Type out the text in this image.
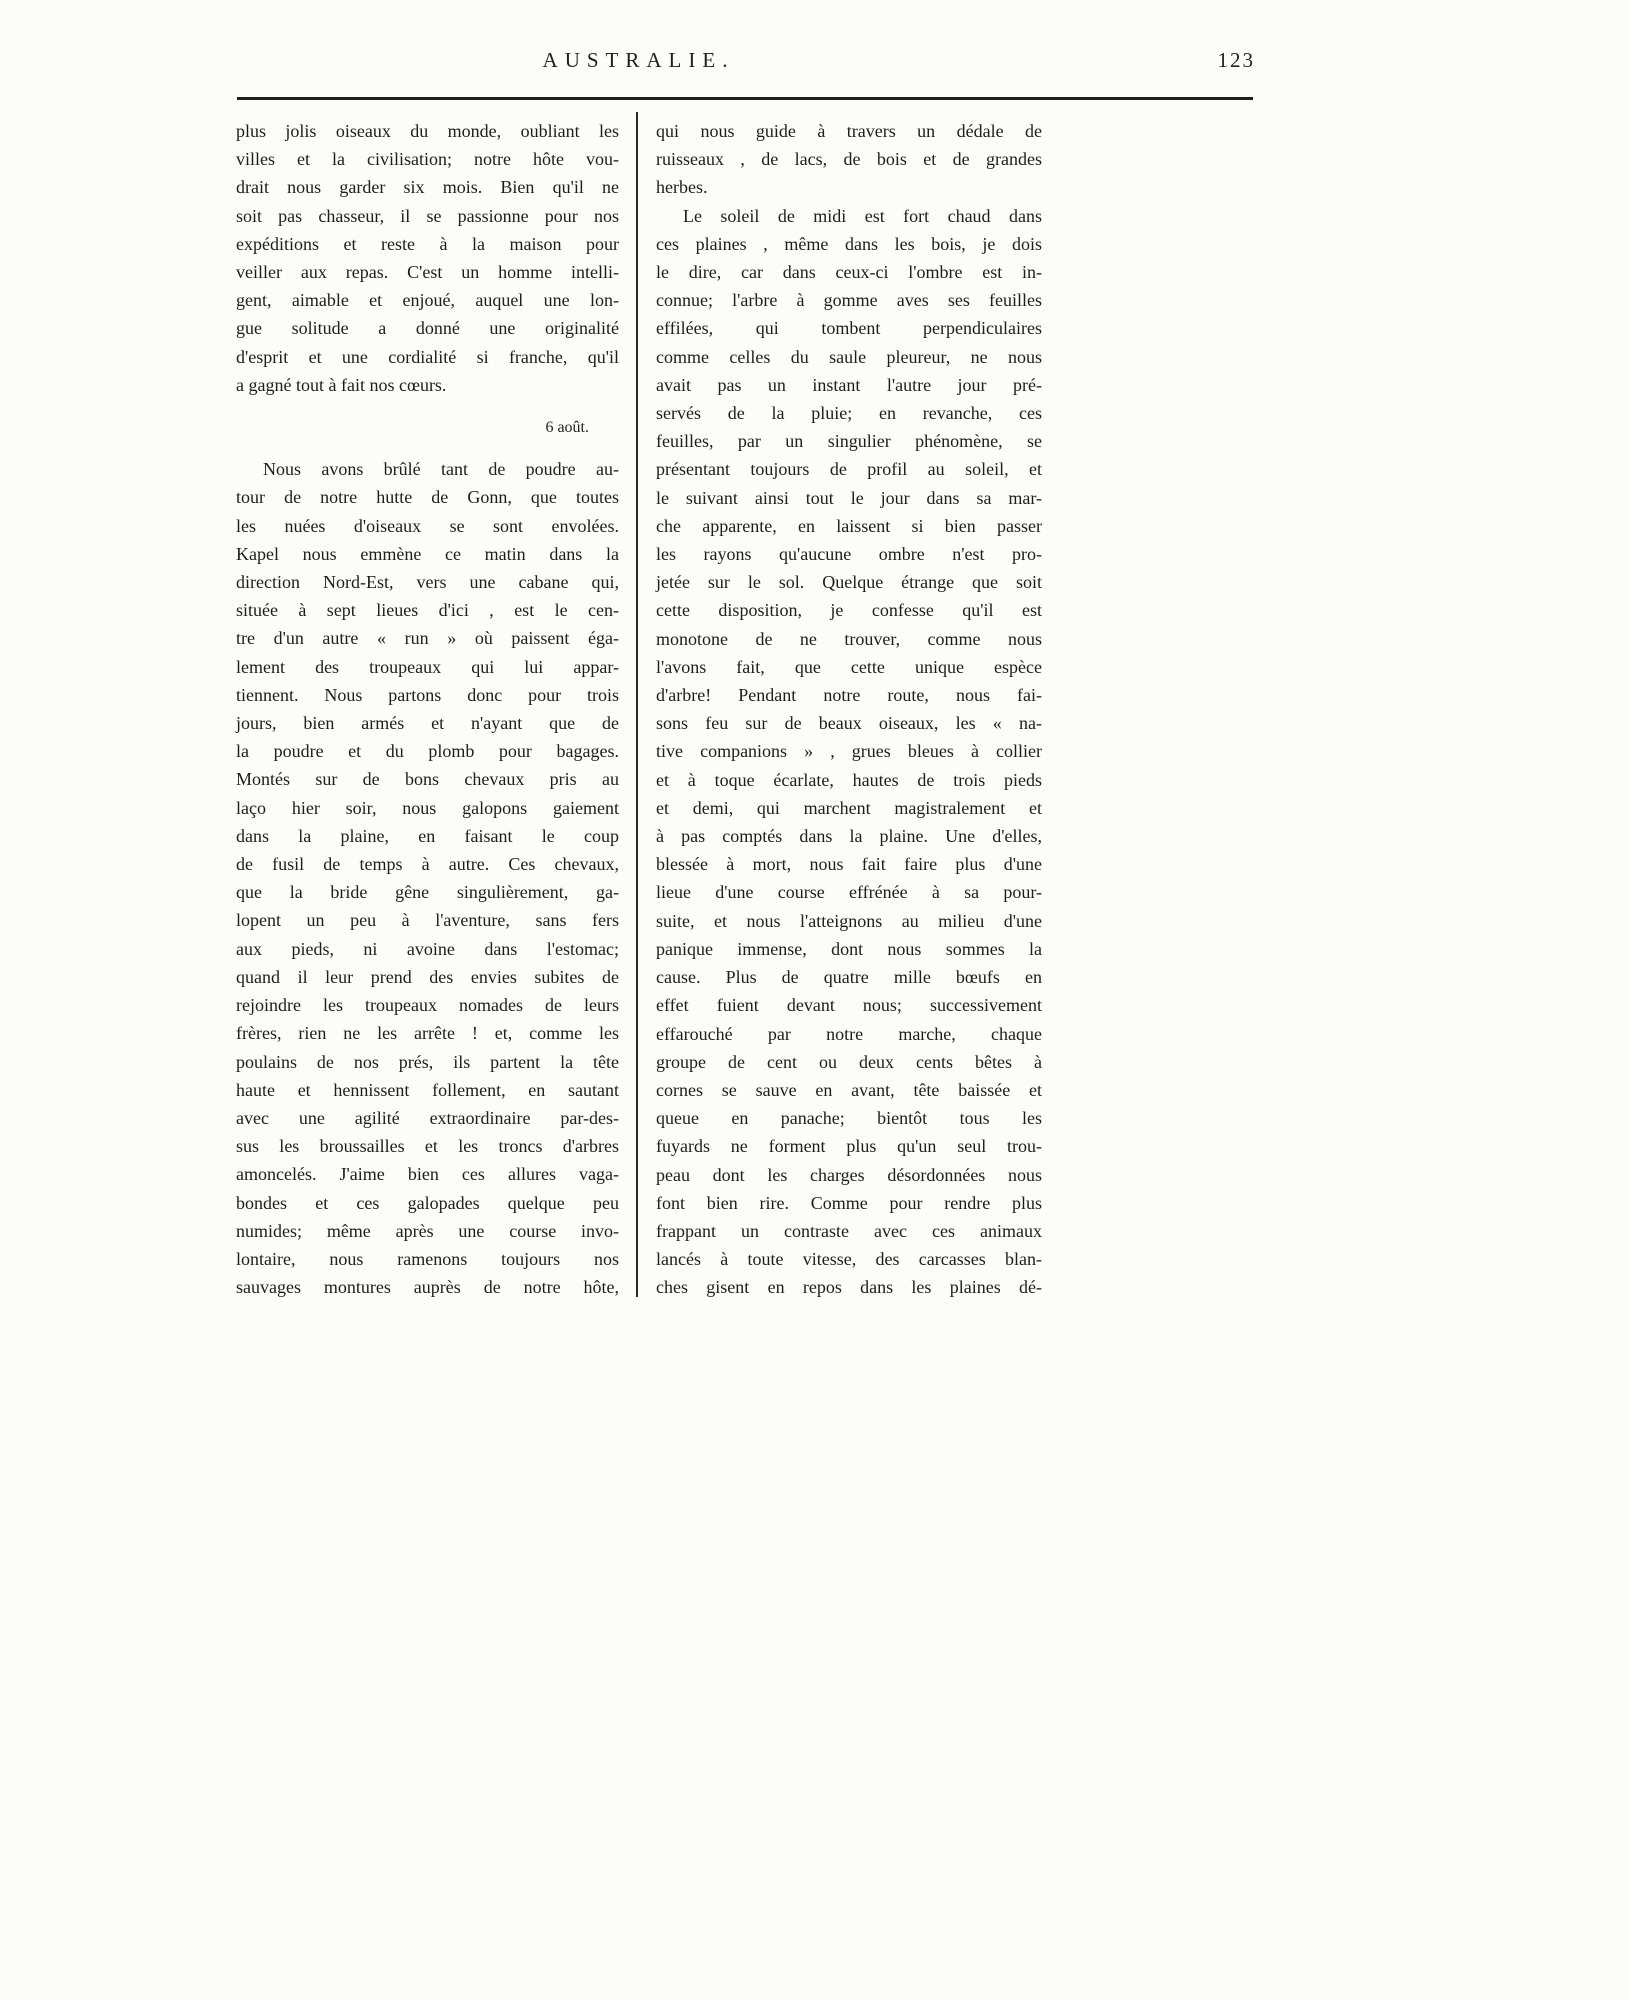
AUSTRALIE.	123
plus jolis oiseaux du monde, oubliant les
villes et la civilisation; notre hôte vou-
drait nous garder six mois. Bien qu'il ne
soit pas chasseur, il se passionne pour nos
expéditions et reste à la maison pour
veiller aux repas. C'est un homme intelli-
gent, aimable et enjoué, auquel une lon-
gue solitude a donné une originalité
d'esprit et une cordialité si franche, qu'il
a gagné tout à fait nos cœurs.
6 août.
Nous avons brûlé tant de poudre au-
tour de notre hutte de Gonn, que toutes
les nuées d'oiseaux se sont envolées.
Kapel nous emmène ce matin dans la
direction Nord-Est, vers une cabane qui,
située à sept lieues d'ici , est le cen-
tre d'un autre « run » où paissent éga-
lement des troupeaux qui lui appar-
tiennent. Nous partons donc pour trois
jours, bien armés et n'ayant que de
la poudre et du plomb pour bagages.
Montés sur de bons chevaux pris au
laço hier soir, nous galopons gaiement
dans la plaine, en faisant le coup
de fusil de temps à autre. Ces chevaux,
que la bride gêne singulièrement, ga-
lopent un peu à l'aventure, sans fers
aux pieds, ni avoine dans l'estomac;
quand il leur prend des envies subites de
rejoindre les troupeaux nomades de leurs
frères, rien ne les arrête ! et, comme les
poulains de nos prés, ils partent la tête
haute et hennissent follement, en sautant
avec une agilité extraordinaire par-des-
sus les broussailles et les troncs d'arbres
amoncelés. J'aime bien ces allures vaga-
bondes et ces galopades quelque peu
numides; même après une course invo-
lontaire, nous ramenons toujours nos
sauvages montures auprès de notre hôte,
qui nous guide à travers un dédale de
ruisseaux , de lacs, de bois et de grandes
herbes.
Le soleil de midi est fort chaud dans
ces plaines , même dans les bois, je dois
le dire, car dans ceux-ci l'ombre est in-
connue; l'arbre à gomme aves ses feuilles
effilées, qui tombent perpendiculaires
comme celles du saule pleureur, ne nous
avait pas un instant l'autre jour pré-
servés de la pluie; en revanche, ces
feuilles, par un singulier phénomène, se
présentant toujours de profil au soleil, et
le suivant ainsi tout le jour dans sa mar-
che apparente, en laissent si bien passer
les rayons qu'aucune ombre n'est pro-
jetée sur le sol. Quelque étrange que soit
cette disposition, je confesse qu'il est
monotone de ne trouver, comme nous
l'avons fait, que cette unique espèce
d'arbre! Pendant notre route, nous fai-
sons feu sur de beaux oiseaux, les « na-
tive companions » , grues bleues à collier
et à toque écarlate, hautes de trois pieds
et demi, qui marchent magistralement et
à pas comptés dans la plaine. Une d'elles,
blessée à mort, nous fait faire plus d'une
lieue d'une course effrénée à sa pour-
suite, et nous l'atteignons au milieu d'une
panique immense, dont nous sommes la
cause. Plus de quatre mille bœufs en
effet fuient devant nous; successivement
effarouché par notre marche, chaque
groupe de cent ou deux cents bêtes à
cornes se sauve en avant, tête baissée et
queue en panache; bientôt tous les
fuyards ne forment plus qu'un seul trou-
peau dont les charges désordonnées nous
font bien rire. Comme pour rendre plus
frappant un contraste avec ces animaux
lancés à toute vitesse, des carcasses blan-
ches gisent en repos dans les plaines dé-
